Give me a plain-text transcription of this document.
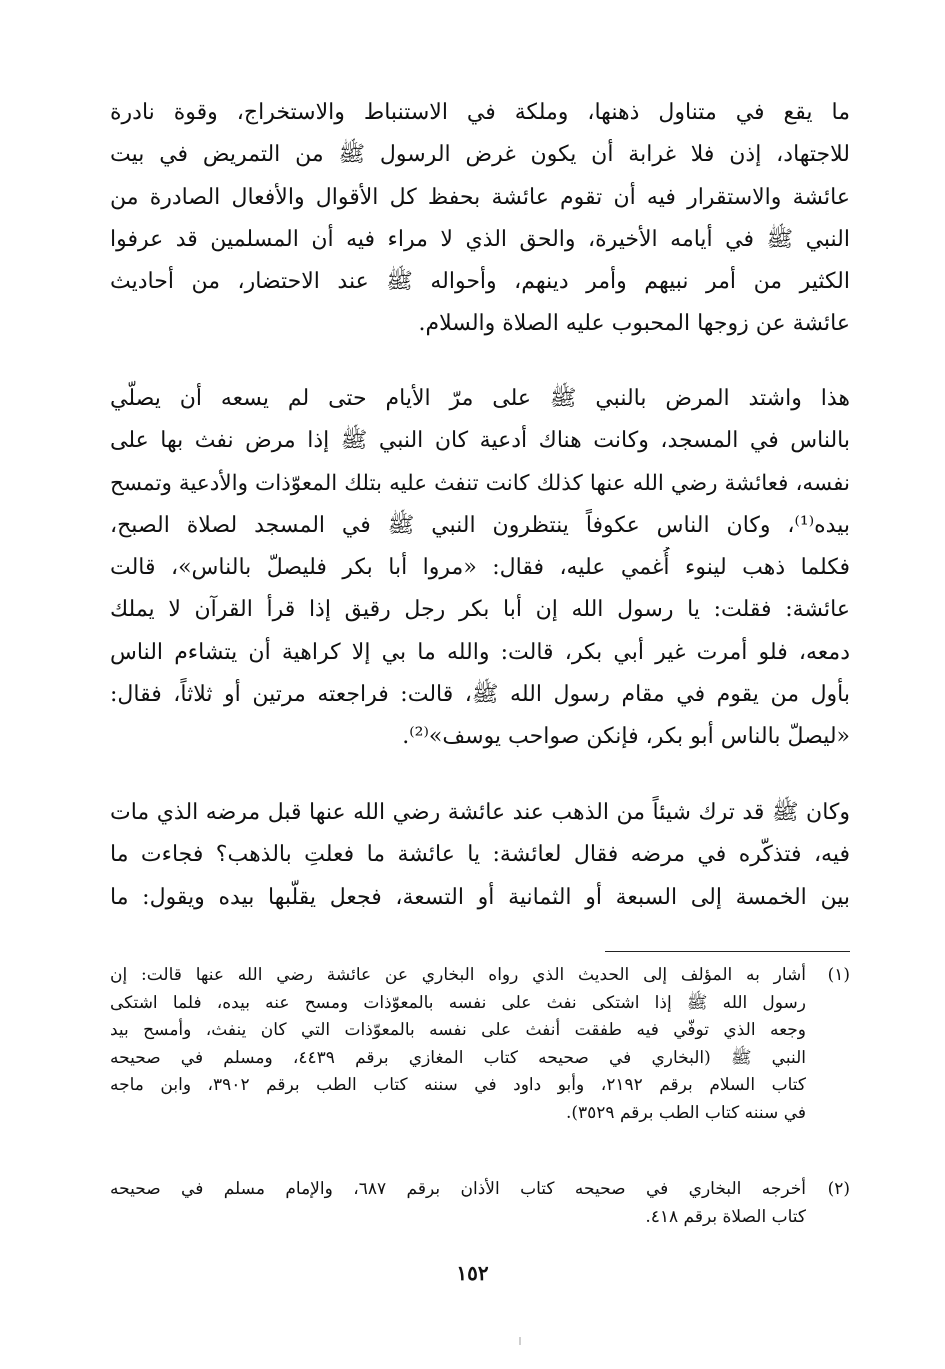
ما يقع في متناول ذهنها، وملكة في الاستنباط والاستخراج، وقوة نادرة
للاجتهاد، إذن فلا غرابة أن يكون غرض الرسول ﷺ من التمريض في بيت
عائشة والاستقرار فيه أن تقوم عائشة بحفظ كل الأقوال والأفعال الصادرة من
النبي ﷺ في أيامه الأخيرة، والحق الذي لا مراء فيه أن المسلمين قد عرفوا
الكثير من أمر نبيهم وأمر دينهم، وأحواله ﷺ عند الاحتضار، من أحاديث
عائشة عن زوجها المحبوب عليه الصلاة والسلام.
هذا واشتد المرض بالنبي ﷺ على مرّ الأيام حتى لم يسعه أن يصلّي
بالناس في المسجد، وكانت هناك أدعية كان النبي ﷺ إذا مرض نفث بها على
نفسه، فعائشة رضي الله عنها كذلك كانت تنفث عليه بتلك المعوّذات والأدعية وتمسح
بيده⁽¹⁾، وكان الناس عكوفاً ينتظرون النبي ﷺ في المسجد لصلاة الصبح،
فكلما ذهب لينوء أُغمي عليه، فقال: «مروا أبا بكر فليصلّ بالناس»، قالت
عائشة: فقلت: يا رسول الله إن أبا بكر رجل رقيق إذا قرأ القرآن لا يملك
دمعه، فلو أمرت غير أبي بكر، قالت: والله ما بي إلا كراهية أن يتشاءم الناس
بأول من يقوم في مقام رسول الله ﷺ، قالت: فراجعته مرتين أو ثلاثاً، فقال:
«ليصلّ بالناس أبو بكر، فإنكن صواحب يوسف»⁽²⁾.
وكان ﷺ قد ترك شيئاً من الذهب عند عائشة رضي الله عنها قبل مرضه الذي مات
فيه، فتذكّره في مرضه فقال لعائشة: يا عائشة ما فعلتِ بالذهب؟ فجاءت ما
بين الخمسة إلى السبعة أو الثمانية أو التسعة، فجعل يقلّبها بيده ويقول: ما
(١)
أشار به المؤلف إلى الحديث الذي رواه البخاري عن عائشة رضي الله عنها قالت: إن
رسول الله ﷺ إذا اشتكى نفث على نفسه بالمعوّذات ومسح عنه بيده، فلما اشتكى
وجعه الذي توفّي فيه طفقت أنفث على نفسه بالمعوّذات التي كان ينفث، وأمسح بيد
النبي ﷺ (البخاري في صحيحه كتاب المغازي برقم ٤٤٣٩، ومسلم في صحيحه
كتاب السلام برقم ٢١٩٢، وأبو داود في سننه كتاب الطب برقم ٣٩٠٢، وابن ماجه
في سننه كتاب الطب برقم ٣٥٢٩).
(٢)
أخرجه البخاري في صحيحه كتاب الأذان برقم ٦٨٧، والإمام مسلم في صحيحه
كتاب الصلاة برقم ٤١٨.
١٥٢
